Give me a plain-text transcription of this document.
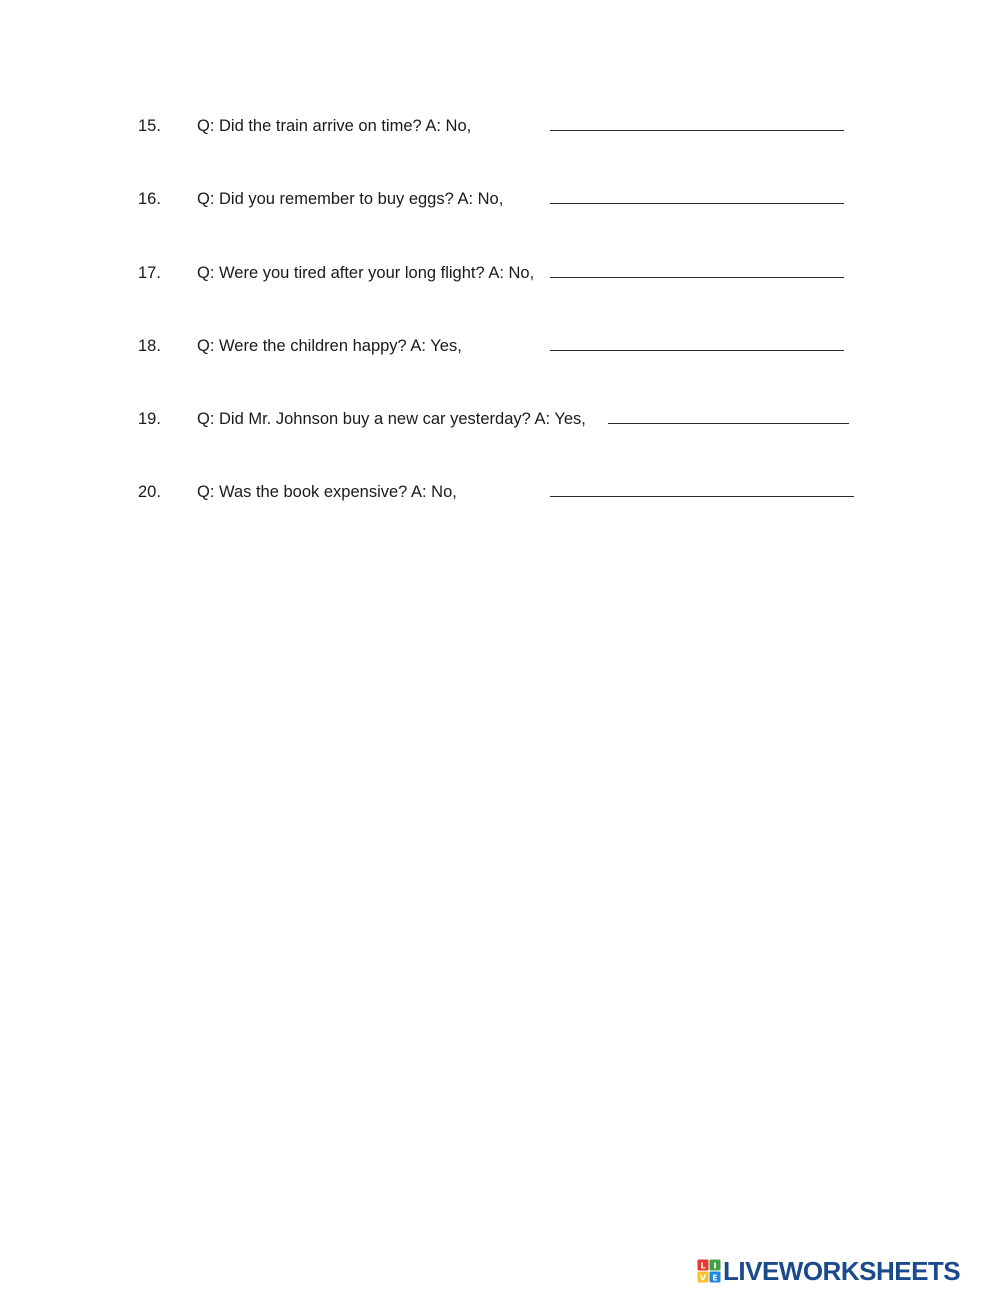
15. Q: Did the train arrive on time? A: No,
16. Q: Did you remember to buy eggs? A: No,
17. Q: Were you tired after your long flight? A: No,
18. Q: Were the children happy? A: Yes,
19. Q: Did Mr. Johnson buy a new car yesterday? A: Yes,
20. Q: Was the book expensive? A: No,
L I
V E LIVEWORKSHEETS
